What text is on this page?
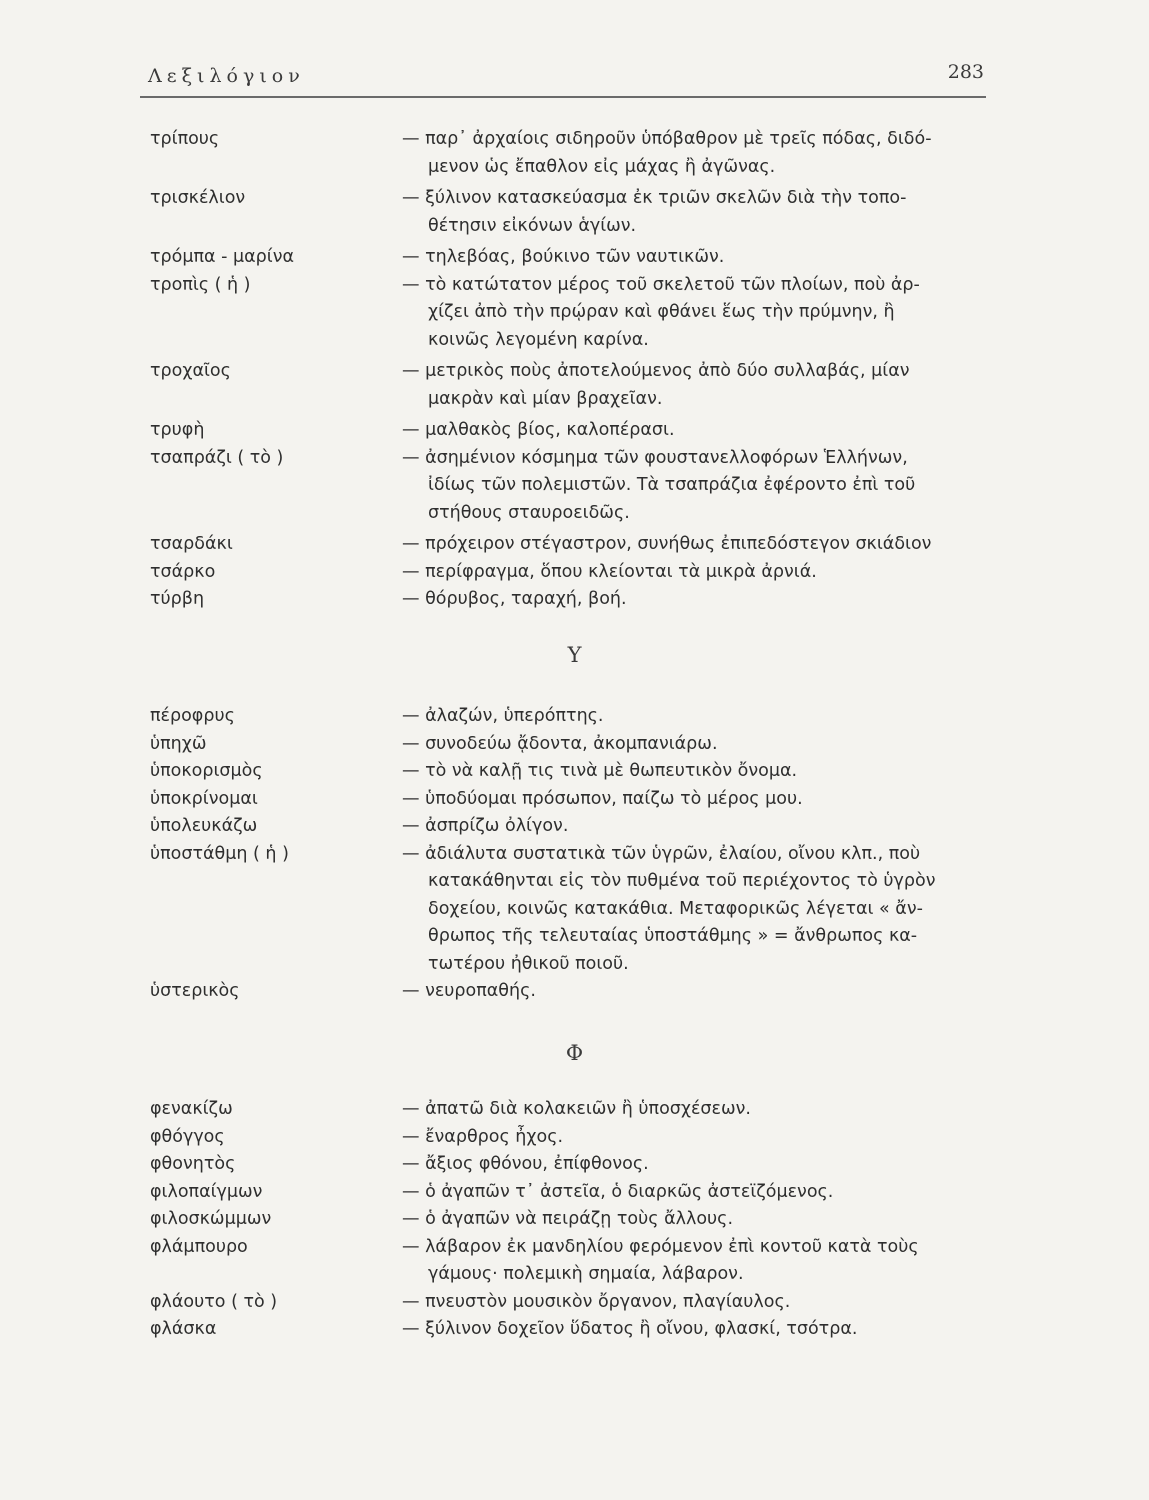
Λεξιλόγιον	283
τρίπους	— παρ᾽ ἀρχαίοις σιδηροῦν ὑπόβαθρον μὲ τρεῖς πόδας, διδό-
μενον ὡς ἔπαθλον εἰς μάχας ἢ ἀγῶνας.
τρισκέλιον	— ξύλινον κατασκεύασμα ἐκ τριῶν σκελῶν διὰ τὴν τοπο-
θέτησιν εἰκόνων ἁγίων.
τρόμπα - μαρίνα	— τηλεβόας, βούκινο τῶν ναυτικῶν.
τροπὶς ( ἡ )	— τὸ κατώτατον μέρος τοῦ σκελετοῦ τῶν πλοίων, ποὺ ἀρ-
χίζει ἀπὸ τὴν πρῴραν καὶ φθάνει ἕως τὴν πρύμνην, ἢ
κοινῶς λεγομένη καρίνα.
τροχαῖος	— μετρικὸς ποὺς ἀποτελούμενος ἀπὸ δύο συλλαβάς, μίαν
μακρὰν καὶ μίαν βραχεῖαν.
τρυφὴ	— μαλθακὸς βίος, καλοπέρασι.
τσαπράζι ( τὸ )	— ἀσημένιον κόσμημα τῶν φουστανελλοφόρων Ἑλλήνων,
ἰδίως τῶν πολεμιστῶν. Τὰ τσαπράζια ἐφέροντο ἐπὶ τοῦ
στήθους σταυροειδῶς.
τσαρδάκι	— πρόχειρον στέγαστρον, συνήθως ἐπιπεδόστεγον σκιάδιον
τσάρκο	— περίφραγμα, ὅπου κλείονται τὰ μικρὰ ἀρνιά.
τύρβη	— θόρυβος, ταραχή, βοή.
Υ
πέροφρυς	— ἀλαζών, ὑπερόπτης.
ὑπηχῶ	— συνοδεύω ᾄδοντα, ἀκομπανιάρω.
ὑποκορισμὸς	— τὸ νὰ καλῇ τις τινὰ μὲ θωπευτικὸν ὄνομα.
ὑποκρίνομαι	— ὑποδύομαι πρόσωπον, παίζω τὸ μέρος μου.
ὑπολευκάζω	— ἀσπρίζω ὀλίγον.
ὑποστάθμη ( ἡ )	— ἀδιάλυτα συστατικὰ τῶν ὑγρῶν, ἐλαίου, οἴνου κλπ., ποὺ
κατακάθηνται εἰς τὸν πυθμένα τοῦ περιέχοντος τὸ ὑγρὸν
δοχείου, κοινῶς κατακάθια. Μεταφορικῶς λέγεται « ἄν-
θρωπος τῆς τελευταίας ὑποστάθμης » = ἄνθρωπος κα-
τωτέρου ἠθικοῦ ποιοῦ.
ὑστερικὸς	— νευροπαθής.
Φ
φενακίζω	— ἀπατῶ διὰ κολακειῶν ἢ ὑποσχέσεων.
φθόγγος	— ἔναρθρος ἦχος.
φθονητὸς	— ἄξιος φθόνου, ἐπίφθονος.
φιλοπαίγμων	— ὁ ἀγαπῶν τ᾽ ἀστεῖα, ὁ διαρκῶς ἀστεϊζόμενος.
φιλοσκώμμων	— ὁ ἀγαπῶν νὰ πειράζῃ τοὺς ἄλλους.
φλάμπουρο	— λάβαρον ἐκ μανδηλίου φερόμενον ἐπὶ κοντοῦ κατὰ τοὺς
γάμους· πολεμικὴ σημαία, λάβαρον.
φλάουτο ( τὸ )	— πνευστὸν μουσικὸν ὄργανον, πλαγίαυλος.
φλάσκα	— ξύλινον δοχεῖον ὕδατος ἢ οἴνου, φλασκί, τσότρα.
